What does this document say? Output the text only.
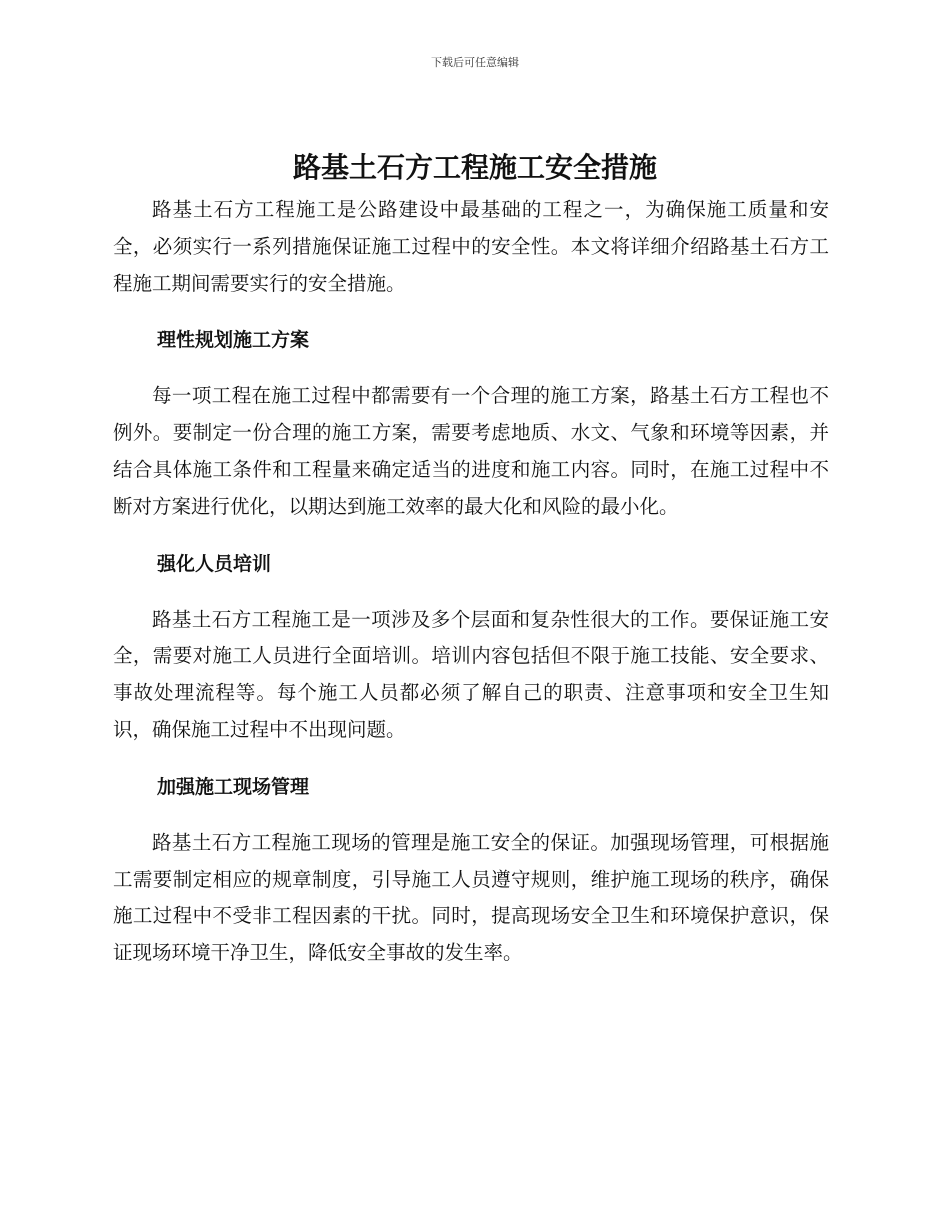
下载后可任意编辑
路基土石方工程施工安全措施

路基土石方工程施工是公路建设中最基础的工程之一，为确保施工质量和安全，必须实行一系列措施保证施工过程中的安全性。本文将详细介绍路基土石方工程施工期间需要实行的安全措施。

理性规划施工方案

每一项工程在施工过程中都需要有一个合理的施工方案，路基土石方工程也不例外。要制定一份合理的施工方案，需要考虑地质、水文、气象和环境等因素，并结合具体施工条件和工程量来确定适当的进度和施工内容。同时，在施工过程中不断对方案进行优化，以期达到施工效率的最大化和风险的最小化。

强化人员培训

路基土石方工程施工是一项涉及多个层面和复杂性很大的工作。要保证施工安全，需要对施工人员进行全面培训。培训内容包括但不限于施工技能、安全要求、事故处理流程等。每个施工人员都必须了解自己的职责、注意事项和安全卫生知识，确保施工过程中不出现问题。

加强施工现场管理

路基土石方工程施工现场的管理是施工安全的保证。加强现场管理，可根据施工需要制定相应的规章制度，引导施工人员遵守规则，维护施工现场的秩序，确保施工过程中不受非工程因素的干扰。同时，提高现场安全卫生和环境保护意识，保证现场环境干净卫生，降低安全事故的发生率。
